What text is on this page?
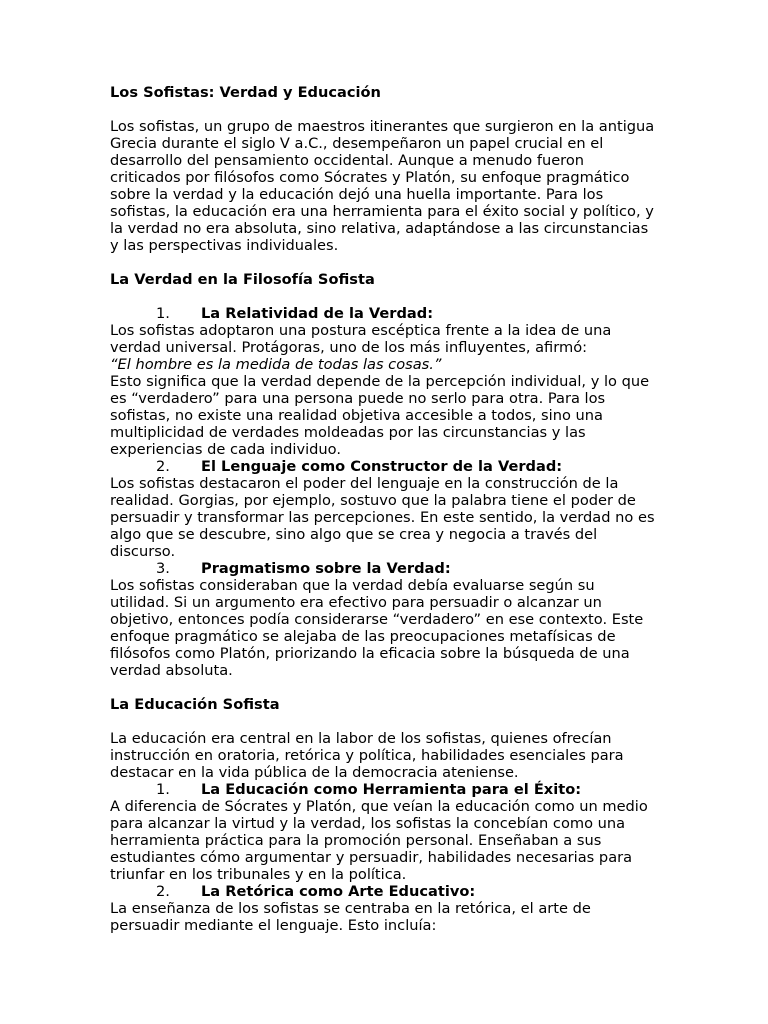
Los Sofistas: Verdad y Educación

Los sofistas, un grupo de maestros itinerantes que surgieron en la antigua Grecia durante el siglo V a.C., desempeñaron un papel crucial en el desarrollo del pensamiento occidental. Aunque a menudo fueron criticados por filósofos como Sócrates y Platón, su enfoque pragmático sobre la verdad y la educación dejó una huella importante. Para los sofistas, la educación era una herramienta para el éxito social y político, y la verdad no era absoluta, sino relativa, adaptándose a las circunstancias y las perspectivas individuales.

La Verdad en la Filosofía Sofista

1. La Relatividad de la Verdad:

Los sofistas adoptaron una postura escéptica frente a la idea de una verdad universal. Protágoras, uno de los más influyentes, afirmó:

“El hombre es la medida de todas las cosas.”

Esto significa que la verdad depende de la percepción individual, y lo que es “verdadero” para una persona puede no serlo para otra. Para los sofistas, no existe una realidad objetiva accesible a todos, sino una multiplicidad de verdades moldeadas por las circunstancias y las experiencias de cada individuo.

2. El Lenguaje como Constructor de la Verdad:

Los sofistas destacaron el poder del lenguaje en la construcción de la realidad. Gorgias, por ejemplo, sostuvo que la palabra tiene el poder de persuadir y transformar las percepciones. En este sentido, la verdad no es algo que se descubre, sino algo que se crea y negocia a través del discurso.

3. Pragmatismo sobre la Verdad:

Los sofistas consideraban que la verdad debía evaluarse según su utilidad. Si un argumento era efectivo para persuadir o alcanzar un objetivo, entonces podía considerarse “verdadero” en ese contexto. Este enfoque pragmático se alejaba de las preocupaciones metafísicas de filósofos como Platón, priorizando la eficacia sobre la búsqueda de una verdad absoluta.

La Educación Sofista

La educación era central en la labor de los sofistas, quienes ofrecían instrucción en oratoria, retórica y política, habilidades esenciales para destacar en la vida pública de la democracia ateniense.

1. La Educación como Herramienta para el Éxito:

A diferencia de Sócrates y Platón, que veían la educación como un medio para alcanzar la virtud y la verdad, los sofistas la concebían como una herramienta práctica para la promoción personal. Enseñaban a sus estudiantes cómo argumentar y persuadir, habilidades necesarias para triunfar en los tribunales y en la política.

2. La Retórica como Arte Educativo:

La enseñanza de los sofistas se centraba en la retórica, el arte de persuadir mediante el lenguaje. Esto incluía:
